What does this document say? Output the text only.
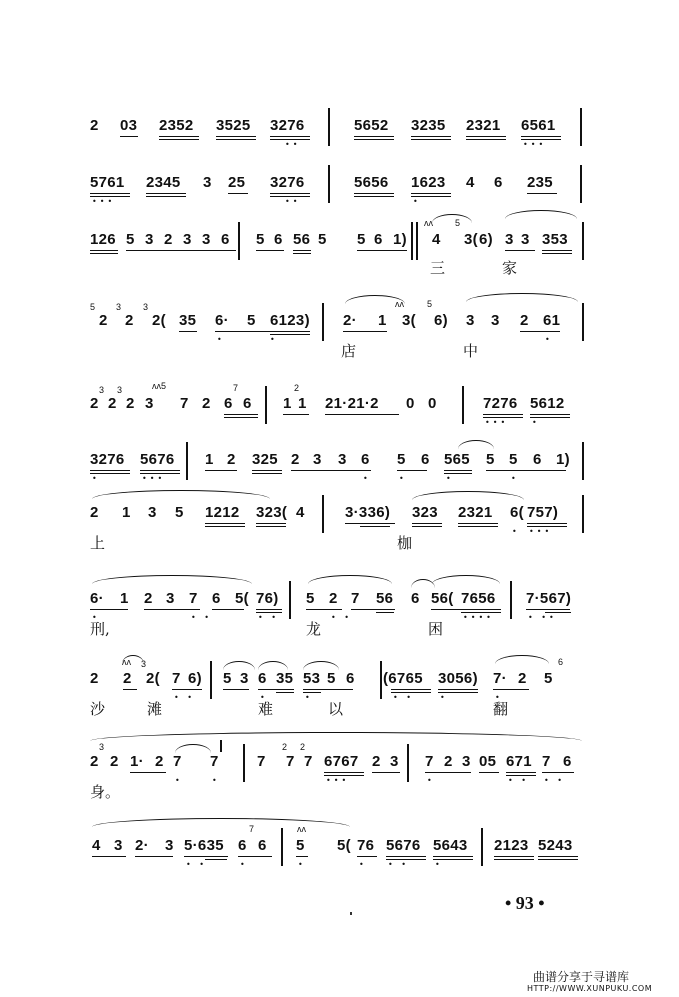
2 03 2352 3525 3276	5652 3235 2321 6561
••	•••
5761 2345 3 25 3276	5656 1623 4 6 235
•••	••	•
126 5 3 2 3 3 6 5 6 56 5 5 6 1)
ʌʌ
4
5
3( 6) 3 3 353
三	家
5
2
3
2
3
2( 35 6· 5 6123) 2· 1
ʌʌ
3(
5
6) 3 3 2 61
•	•	•
店	中
2
3
2
3
2
ʌʌ5
3 7 2
7
6 6 1
2
1 21·21·2 0 0	7276 5612
•••	•
3276 5676 1 2 325 2 3 3 6 5 6 565 5 5 6 1)
•	•••	•	•	•	•
2 1 3 5 1212 323( 4	3·336) 323 2321 6( 757)
• •••
上	枷
6· 1 2 3 7 6 5( 76) 5 2 7 56 6 56( 7656 7·567)
•	• •	• •	• •	••••	• ••
刑,	龙	困
2
ʌʌ
2
3
2( 7 6) 5 3 6 35 53 5 6 (6765 3056) 7· 2 5
6
• •	•	•	• •	•	•
沙	滩	难	以	翻
3
2 2 1· 2 7 7	7
2
7
2
7 6767 2 3 7 2 3 05 671 7 6
•	•	•••	•	• • • •
身。
4 3 2· 3 5·635
7
6 6
ʌʌ
5 5( 76 5676 5643 2123 5243
• •	•	•	•	• •	•
• 93 •
曲谱分享于寻谱库
HTTP://WWW.XUNPUKU.COM
